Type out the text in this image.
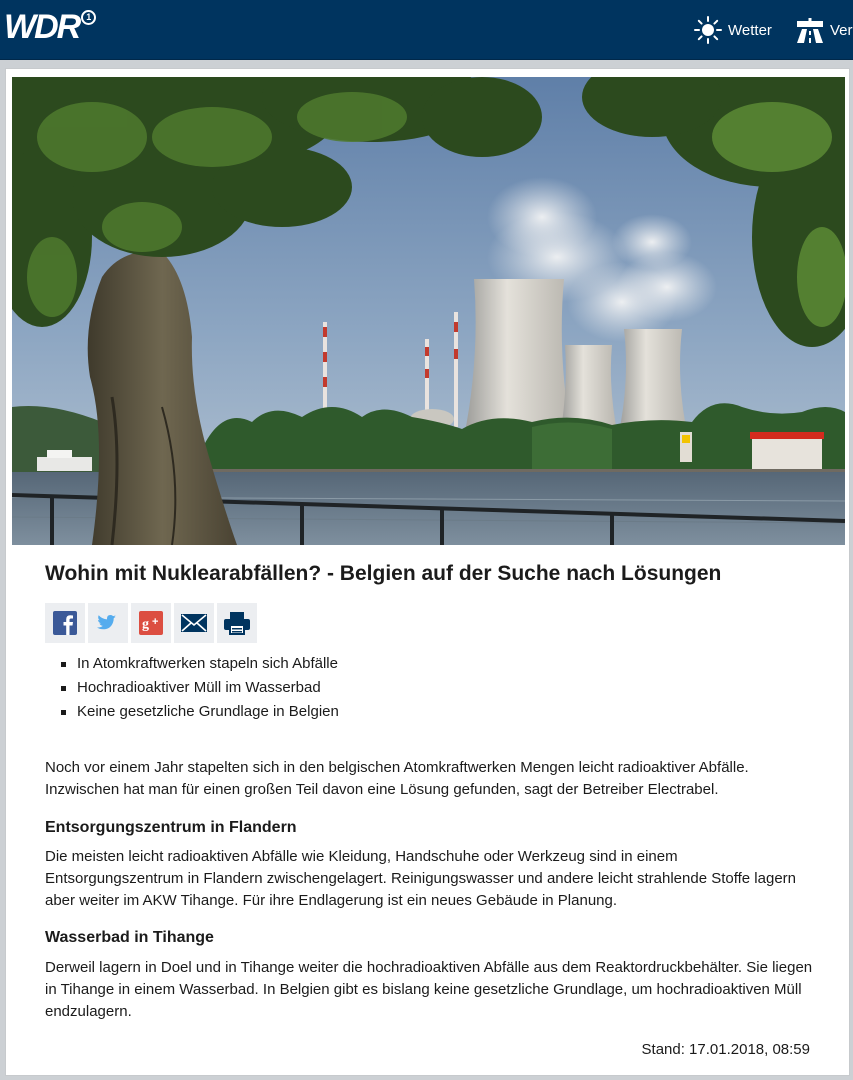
WDR 1
Wetter	Ver
Wohin mit Nuklearabfällen? - Belgien auf der Suche nach Lösungen
g +
In Atomkraftwerken stapeln sich Abfälle
Hochradioaktiver Müll im Wasserbad
Keine gesetzliche Grundlage in Belgien

Noch vor einem Jahr stapelten sich in den belgischen Atomkraftwerken Mengen leicht radioaktiver Abfälle. Inzwischen hat man für einen großen Teil davon eine Lösung gefunden, sagt der Betreiber Electrabel.

Entsorgungszentrum in Flandern

Die meisten leicht radioaktiven Abfälle wie Kleidung, Handschuhe oder Werkzeug sind in einem Entsorgungszentrum in Flandern zwischengelagert. Reinigungswasser und andere leicht strahlende Stoffe lagern aber weiter im AKW Tihange. Für ihre Endlagerung ist ein neues Gebäude in Planung.

Wasserbad in Tihange

Derweil lagern in Doel und in Tihange weiter die hochradioaktiven Abfälle aus dem Reaktordruckbehälter. Sie liegen in Tihange in einem Wasserbad. In Belgien gibt es bislang keine gesetzliche Grundlage, um hochradioaktiven Müll endzulagern.

Stand: 17.01.2018, 08:59
